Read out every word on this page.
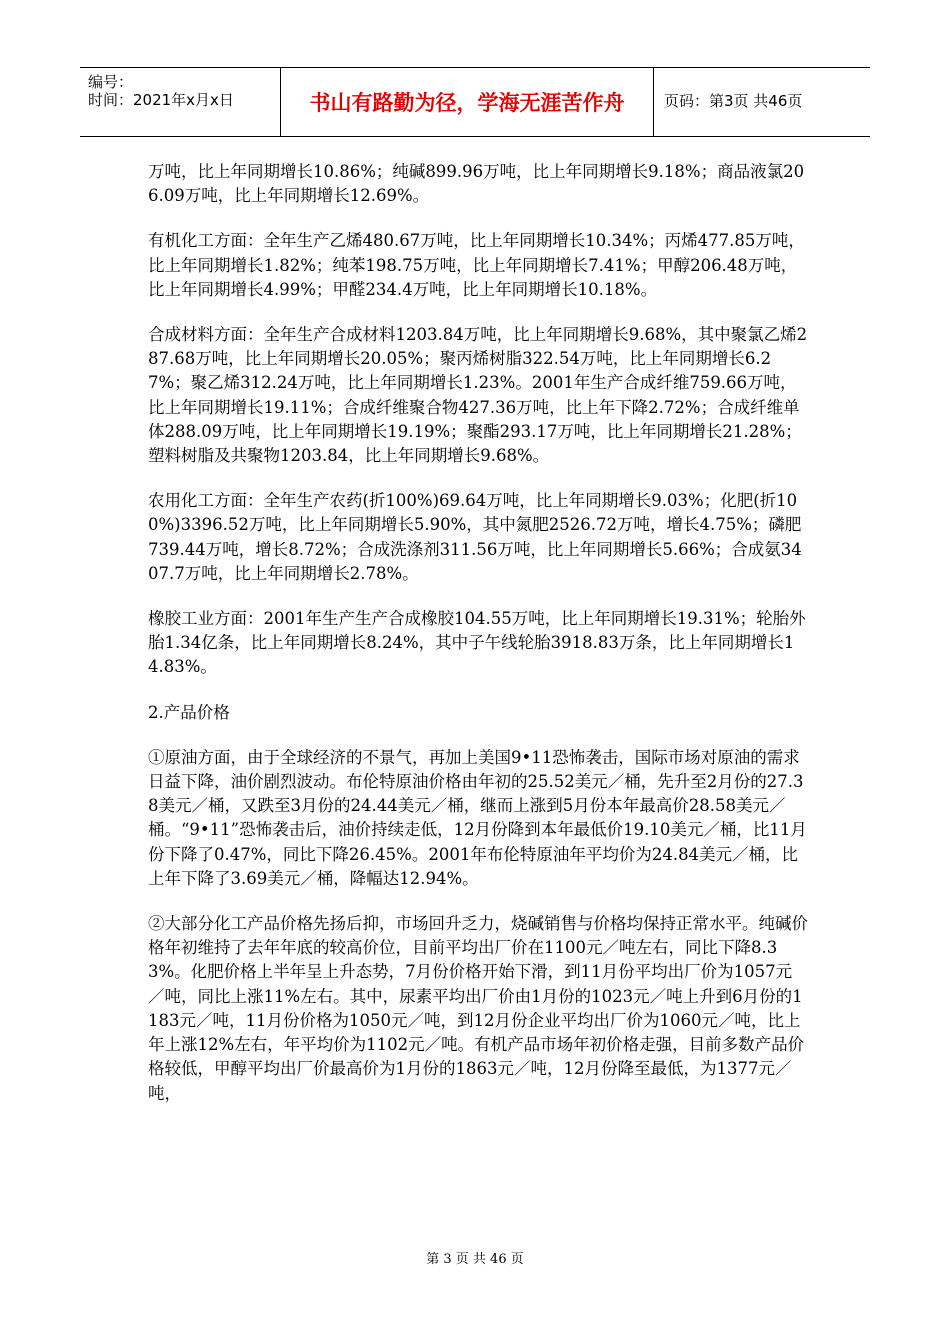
编号：
时间：2021年x月x日	书山有路勤为径，学海无涯苦作舟	页码：第3页 共46页

万吨，比上年同期增长10.86%；纯碱899.96万吨，比上年同期增长9.18%；商品液氯206.09万吨，比上年同期增长12.69%。

有机化工方面：全年生产乙烯480.67万吨，比上年同期增长10.34%；丙烯477.85万吨，比上年同期增长1.82%；纯苯198.75万吨，比上年同期增长7.41%；甲醇206.48万吨，比上年同期增长4.99%；甲醛234.4万吨，比上年同期增长10.18%。

合成材料方面：全年生产合成材料1203.84万吨，比上年同期增长9.68%，其中聚氯乙烯287.68万吨，比上年同期增长20.05%；聚丙烯树脂322.54万吨，比上年同期增长6.27%；聚乙烯312.24万吨，比上年同期增长1.23%。2001年生产合成纤维759.66万吨，比上年同期增长19.11%；合成纤维聚合物427.36万吨，比上年下降2.72%；合成纤维单体288.09万吨，比上年同期增长19.19%；聚酯293.17万吨，比上年同期增长21.28%；塑料树脂及共聚物1203.84，比上年同期增长9.68%。

农用化工方面：全年生产农药(折100%)69.64万吨，比上年同期增长9.03%；化肥(折100%)3396.52万吨，比上年同期增长5.90%，其中氮肥2526.72万吨，增长4.75%；磷肥739.44万吨，增长8.72%；合成洗涤剂311.56万吨，比上年同期增长5.66%；合成氨3407.7万吨，比上年同期增长2.78%。

橡胶工业方面：2001年生产生产合成橡胶104.55万吨，比上年同期增长19.31%；轮胎外胎1.34亿条，比上年同期增长8.24%，其中子午线轮胎3918.83万条，比上年同期增长14.83%。

2.产品价格

①原油方面，由于全球经济的不景气，再加上美国9•11恐怖袭击，国际市场对原油的需求日益下降，油价剧烈波动。布伦特原油价格由年初的25.52美元／桶，先升至2月份的27.38美元／桶，又跌至3月份的24.44美元／桶，继而上涨到5月份本年最高价28.58美元／桶。“9•11”恐怖袭击后，油价持续走低，12月份降到本年最低价19.10美元／桶，比11月份下降了0.47%，同比下降26.45%。2001年布伦特原油年平均价为24.84美元／桶，比上年下降了3.69美元／桶，降幅达12.94%。

②大部分化工产品价格先扬后抑，市场回升乏力，烧碱销售与价格均保持正常水平。纯碱价格年初维持了去年年底的较高价位，目前平均出厂价在1100元／吨左右，同比下降8.33%。化肥价格上半年呈上升态势，7月份价格开始下滑，到11月份平均出厂价为1057元／吨，同比上涨11%左右。其中，尿素平均出厂价由1月份的1023元／吨上升到6月份的1183元／吨，11月份价格为1050元／吨，到12月份企业平均出厂价为1060元／吨，比上年上涨12%左右，年平均价为1102元／吨。有机产品市场年初价格走强，目前多数产品价格较低，甲醇平均出厂价最高价为1月份的1863元／吨，12月份降至最低，为1377元／吨，

第 3 页 共 46 页
